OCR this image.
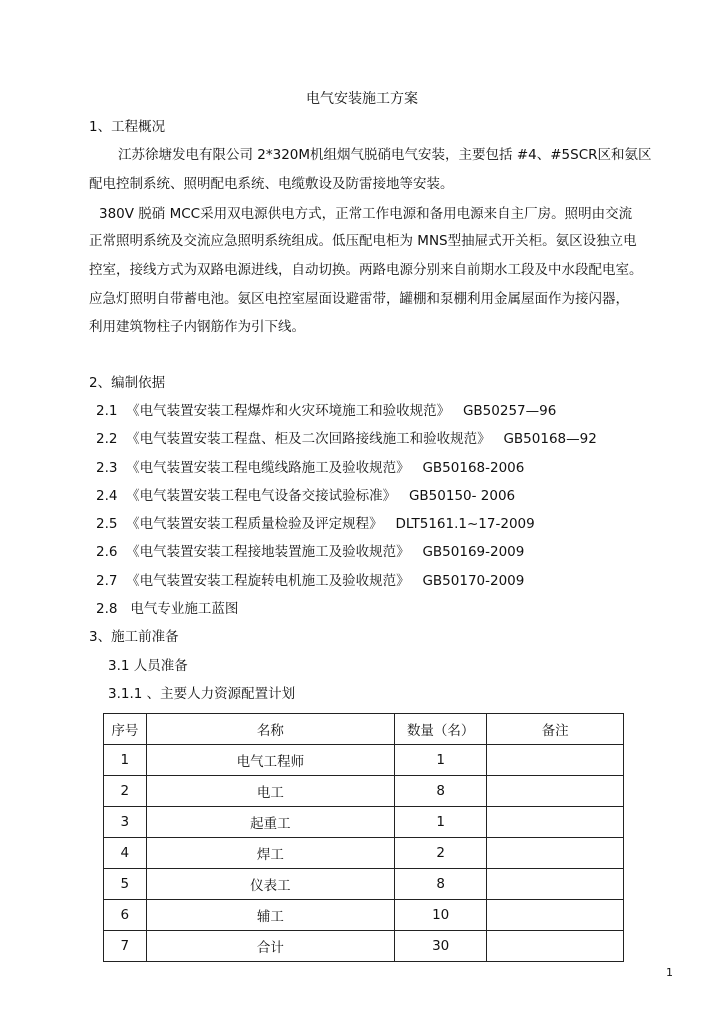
电气安装施工方案
1、工程概况
江苏徐塘发电有限公司 2*320M机组烟气脱硝电气安装，主要包括 #4、#5SCR区和氨区
配电控制系统、照明配电系统、电缆敷设及防雷接地等安装。
380V 脱硝 MCC采用双电源供电方式，正常工作电源和备用电源来自主厂房。照明由交流
正常照明系统及交流应急照明系统组成。低压配电柜为 MNS型抽屉式开关柜。氨区设独立电
控室，接线方式为双路电源进线，自动切换。两路电源分别来自前期水工段及中水段配电室。
应急灯照明自带蓄电池。氨区电控室屋面设避雷带，罐棚和泵棚利用金属屋面作为接闪器，
利用建筑物柱子内钢筋作为引下线。
2、编制依据
2.1 《电气装置安装工程爆炸和火灾环境施工和验收规范》 GB50257—96
2.2 《电气装置安装工程盘、柜及二次回路接线施工和验收规范》 GB50168—92
2.3 《电气装置安装工程电缆线路施工及验收规范》 GB50168-2006
2.4 《电气装置安装工程电气设备交接试验标准》 GB50150- 2006
2.5 《电气装置安装工程质量检验及评定规程》 DLT5161.1~17-2009
2.6 《电气装置安装工程接地装置施工及验收规范》 GB50169-2009
2.7 《电气装置安装工程旋转电机施工及验收规范》 GB50170-2009
2.8 电气专业施工蓝图
3、施工前准备
3.1 人员准备
3.1.1 、主要人力资源配置计划
序号	名称	数量（名）	备注
1	电气工程师	1	
2	电工	8	
3	起重工	1	
4	焊工	2	
5	仪表工	8	
6	辅工	10	
7	合计	30	
1
